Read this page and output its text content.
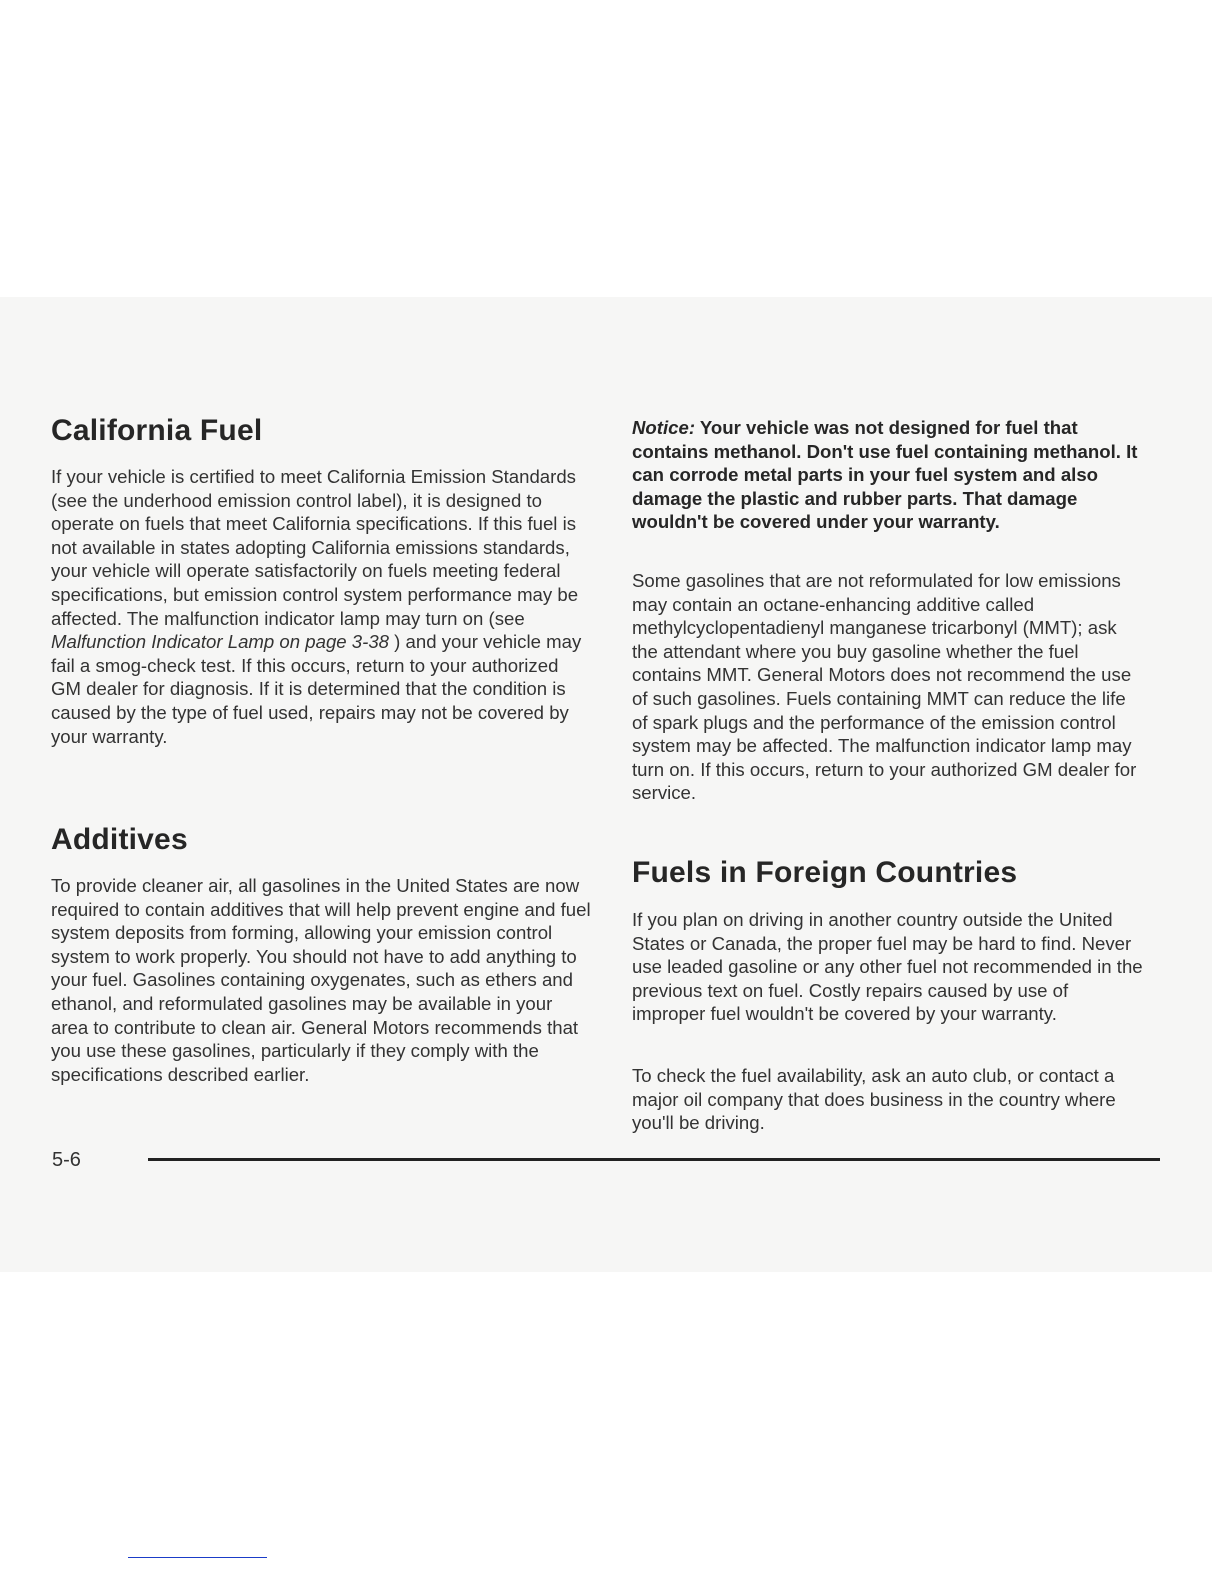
California Fuel

If your vehicle is certified to meet California Emission Standards (see the underhood emission control label), it is designed to operate on fuels that meet California specifications. If this fuel is not available in states adopting California emissions standards, your vehicle will operate satisfactorily on fuels meeting federal specifications, but emission control system performance may be affected. The malfunction indicator lamp may turn on (see Malfunction Indicator Lamp on page 3-38 ) and your vehicle may fail a smog-check test. If this occurs, return to your authorized GM dealer for diagnosis. If it is determined that the condition is caused by the type of fuel used, repairs may not be covered by your warranty.

Additives

To provide cleaner air, all gasolines in the United States are now required to contain additives that will help prevent engine and fuel system deposits from forming, allowing your emission control system to work properly. You should not have to add anything to your fuel. Gasolines containing oxygenates, such as ethers and ethanol, and reformulated gasolines may be available in your area to contribute to clean air. General Motors recommends that you use these gasolines, particularly if they comply with the specifications described earlier.

Notice: Your vehicle was not designed for fuel that contains methanol. Don't use fuel containing methanol. It can corrode metal parts in your fuel system and also damage the plastic and rubber parts. That damage wouldn't be covered under your warranty.

Some gasolines that are not reformulated for low emissions may contain an octane-enhancing additive called methylcyclopentadienyl manganese tricarbonyl (MMT); ask the attendant where you buy gasoline whether the fuel contains MMT. General Motors does not recommend the use of such gasolines. Fuels containing MMT can reduce the life of spark plugs and the performance of the emission control system may be affected. The malfunction indicator lamp may turn on. If this occurs, return to your authorized GM dealer for service.

Fuels in Foreign Countries

If you plan on driving in another country outside the United States or Canada, the proper fuel may be hard to find. Never use leaded gasoline or any other fuel not recommended in the previous text on fuel. Costly repairs caused by use of improper fuel wouldn't be covered by your warranty.

To check the fuel availability, ask an auto club, or contact a major oil company that does business in the country where you'll be driving.

5-6
